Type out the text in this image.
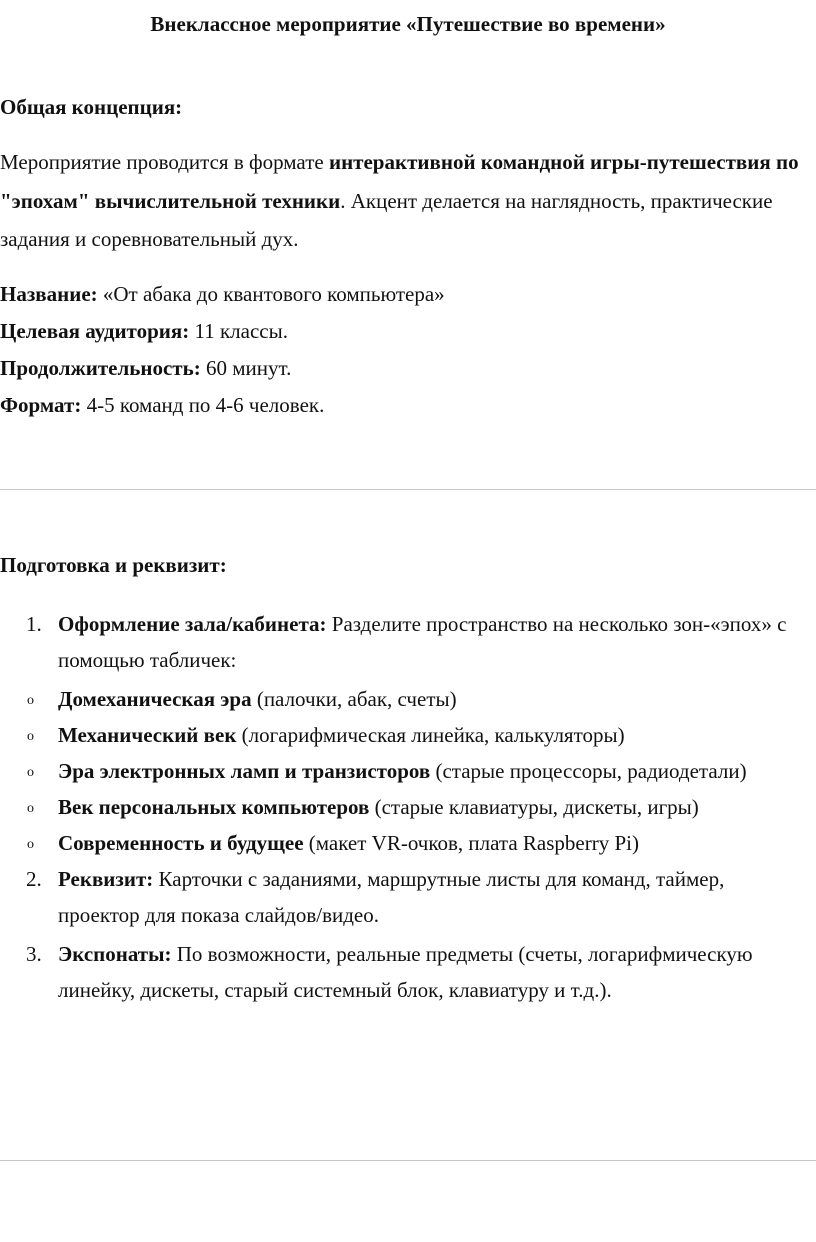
Внеклассное мероприятие «Путешествие во времени»
Общая концепция:
Мероприятие проводится в формате интерактивной командной игры-путешествия по "эпохам" вычислительной техники. Акцент делается на наглядность, практические задания и соревновательный дух.
Название: «От абака до квантового компьютера»
Целевая аудитория: 11 классы.
Продолжительность: 60 минут.
Формат: 4-5 команд по 4-6 человек.
Подготовка и реквизит:
1. Оформление зала/кабинета: Разделите пространство на несколько зон-«эпох» с помощью табличек:
o	Домеханическая эра (палочки, абак, счеты)
o	Механический век (логарифмическая линейка, калькуляторы)
o	Эра электронных ламп и транзисторов (старые процессоры, радиодетали)
o	Век персональных компьютеров (старые клавиатуры, дискеты, игры)
o	Современность и будущее (макет VR-очков, плата Raspberry Pi)
2. Реквизит: Карточки с заданиями, маршрутные листы для команд, таймер, проектор для показа слайдов/видео.
3. Экспонаты: По возможности, реальные предметы (счеты, логарифмическую линейку, дискеты, старый системный блок, клавиатуру и т.д.).
